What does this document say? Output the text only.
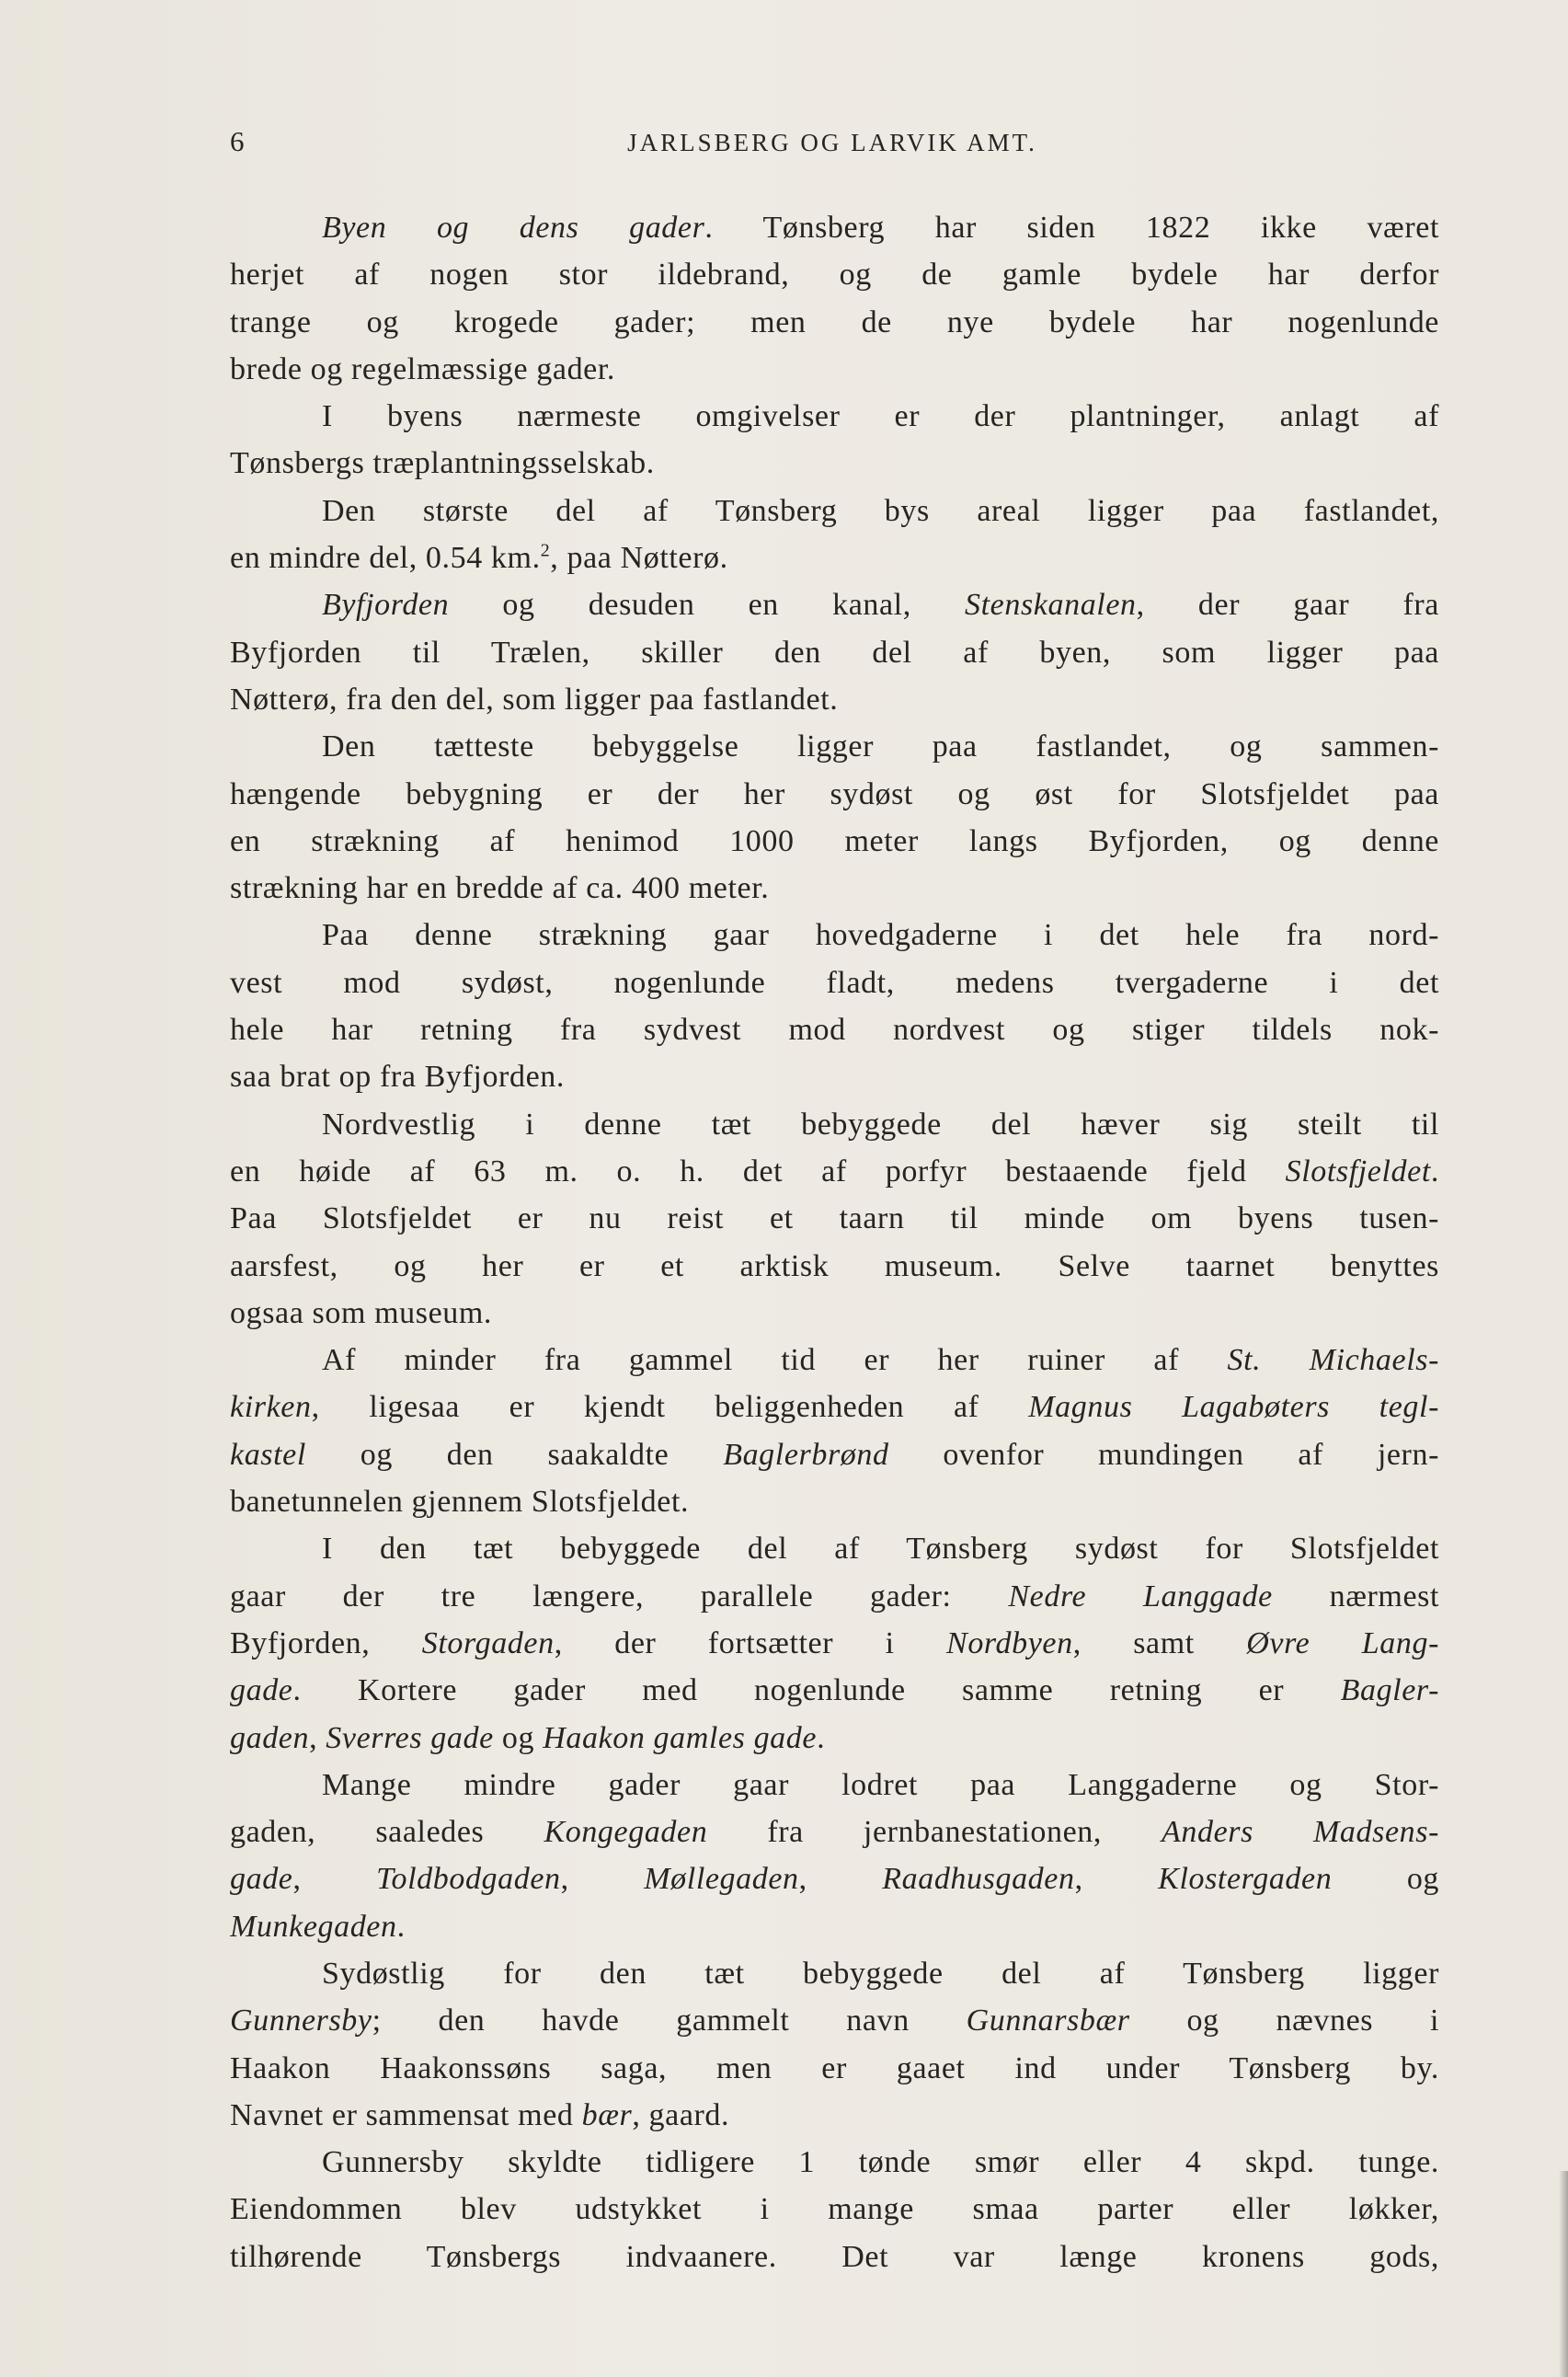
6	JARLSBERG OG LARVIK AMT.
Byen og dens gader. Tønsberg har siden 1822 ikke været
herjet af nogen stor ildebrand, og de gamle bydele har derfor
trange og krogede gader; men de nye bydele har nogenlunde
brede og regelmæssige gader.
I byens nærmeste omgivelser er der plantninger, anlagt af
Tønsbergs træplantningsselskab.
Den største del af Tønsberg bys areal ligger paa fastlandet,
en mindre del, 0.54 km.$^2$, paa Nøtterø.
Byfjorden og desuden en kanal, Stenskanalen, der gaar fra
Byfjorden til Trælen, skiller den del af byen, som ligger paa
Nøtterø, fra den del, som ligger paa fastlandet.
Den tætteste bebyggelse ligger paa fastlandet, og sammen-
hængende bebygning er der her sydøst og øst for Slotsfjeldet paa
en strækning af henimod 1000 meter langs Byfjorden, og denne
strækning har en bredde af ca. 400 meter.
Paa denne strækning gaar hovedgaderne i det hele fra nord-
vest mod sydøst, nogenlunde fladt, medens tvergaderne i det
hele har retning fra sydvest mod nordvest og stiger tildels nok-
saa brat op fra Byfjorden.
Nordvestlig i denne tæt bebyggede del hæver sig steilt til
en høide af 63 m. o. h. det af porfyr bestaaende fjeld Slotsfjeldet.
Paa Slotsfjeldet er nu reist et taarn til minde om byens tusen-
aarsfest, og her er et arktisk museum. Selve taarnet benyttes
ogsaa som museum.
Af minder fra gammel tid er her ruiner af St. Michaels-
kirken, ligesaa er kjendt beliggenheden af Magnus Lagabøters tegl-
kastel og den saakaldte Baglerbrønd ovenfor mundingen af jern-
banetunnelen gjennem Slotsfjeldet.
I den tæt bebyggede del af Tønsberg sydøst for Slotsfjeldet
gaar der tre længere, parallele gader: Nedre Langgade nærmest
Byfjorden, Storgaden, der fortsætter i Nordbyen, samt Øvre Lang-
gade. Kortere gader med nogenlunde samme retning er Bagler-
gaden, Sverres gade og Haakon gamles gade.
Mange mindre gader gaar lodret paa Langgaderne og Stor-
gaden, saaledes Kongegaden fra jernbanestationen, Anders Madsens-
gade, Toldbodgaden, Møllegaden, Raadhusgaden, Klostergaden og
Munkegaden.
Sydøstlig for den tæt bebyggede del af Tønsberg ligger
Gunnersby; den havde gammelt navn Gunnarsbær og nævnes i
Haakon Haakonssøns saga, men er gaaet ind under Tønsberg by.
Navnet er sammensat med bær, gaard.
Gunnersby skyldte tidligere 1 tønde smør eller 4 skpd. tunge.
Eiendommen blev udstykket i mange smaa parter eller løkker,
tilhørende Tønsbergs indvaanere. Det var længe kronens gods,
